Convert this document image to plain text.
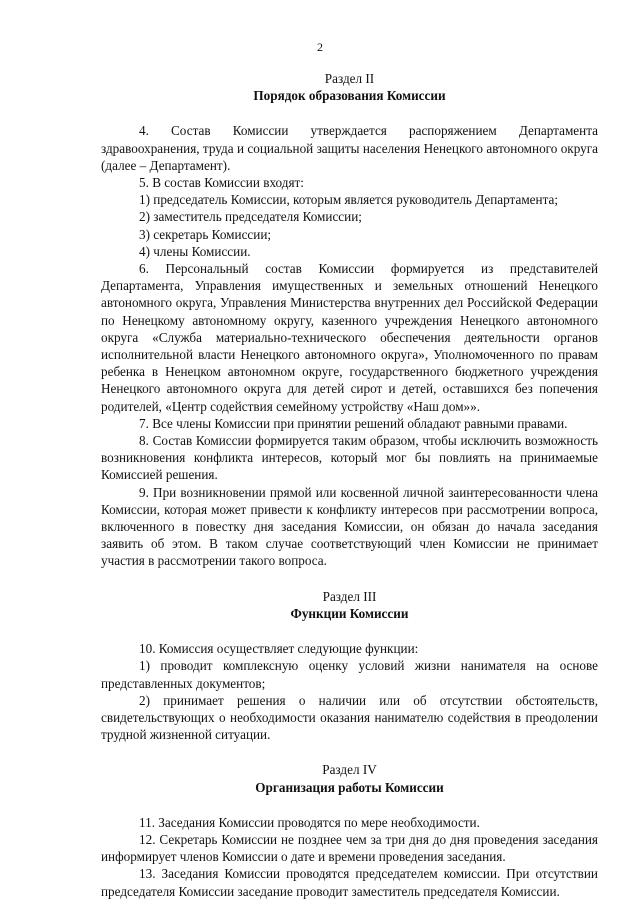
2
Раздел II
Порядок образования Комиссии

4. Состав Комиссии утверждается распоряжением Департамента здравоохранения, труда и социальной защиты населения Ненецкого автономного округа (далее – Департамент).

5. В состав Комиссии входят:

1) председатель Комиссии, которым является руководитель Департамента;

2) заместитель председателя Комиссии;

3) секретарь Комиссии;

4) члены Комиссии.

6. Персональный состав Комиссии формируется из представителей Департамента, Управления имущественных и земельных отношений Ненецкого автономного округа, Управления Министерства внутренних дел Российской Федерации по Ненецкому автономному округу, казенного учреждения Ненецкого автономного округа «Служба материально-технического обеспечения деятельности органов исполнительной власти Ненецкого автономного округа», Уполномоченного по правам ребенка в Ненецком автономном округе, государственного бюджетного учреждения Ненецкого автономного округа для детей сирот и детей, оставшихся без попечения родителей, «Центр содействия семейному устройству «Наш дом»».

7. Все члены Комиссии при принятии решений обладают равными правами.

8. Состав Комиссии формируется таким образом, чтобы исключить возможность возникновения конфликта интересов, который мог бы повлиять на принимаемые Комиссией решения.

9. При возникновении прямой или косвенной личной заинтересованности члена Комиссии, которая может привести к конфликту интересов при рассмотрении вопроса, включенного в повестку дня заседания Комиссии, он обязан до начала заседания заявить об этом. В таком случае соответствующий член Комиссии не принимает участия в рассмотрении такого вопроса.

Раздел III
Функции Комиссии

10. Комиссия осуществляет следующие функции:

1) проводит комплексную оценку условий жизни нанимателя на основе представленных документов;

2) принимает решения о наличии или об отсутствии обстоятельств, свидетельствующих о необходимости оказания нанимателю содействия в преодолении трудной жизненной ситуации.

Раздел IV
Организация работы Комиссии

11. Заседания Комиссии проводятся по мере необходимости.

12. Секретарь Комиссии не позднее чем за три дня до дня проведения заседания информирует членов Комиссии о дате и времени проведения заседания.

13. Заседания Комиссии проводятся председателем комиссии. При отсутствии председателя Комиссии заседание проводит заместитель председателя Комиссии.
